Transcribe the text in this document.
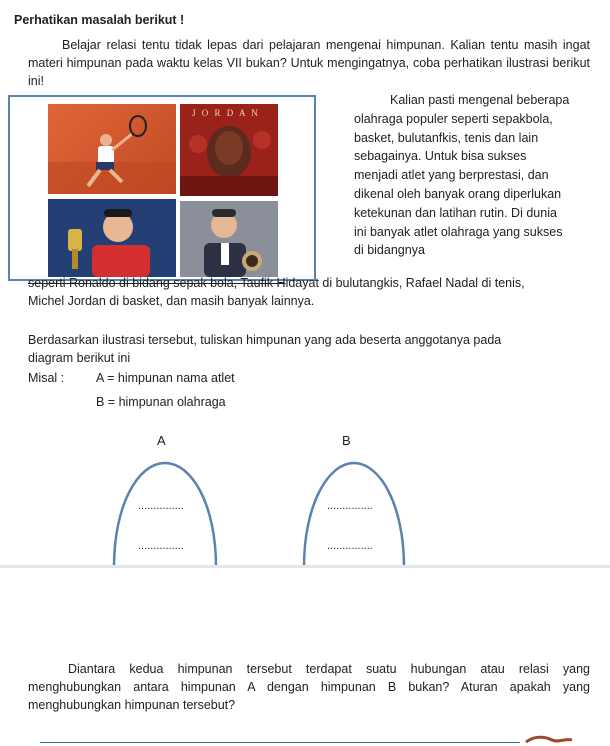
Perhatikan masalah berikut !
Belajar relasi tentu tidak lepas dari pelajaran mengenai himpunan. Kalian tentu masih ingat materi himpunan pada waktu kelas VII bukan? Untuk mengingatnya, coba perhatikan ilustrasi berikut ini!
J O R D A N
Kalian pasti mengenal beberapa
olahraga populer seperti sepakbola,
basket, bulutanfkis, tenis dan lain
sebagainya. Untuk bisa sukses
menjadi atlet yang berprestasi, dan
dikenal oleh banyak orang diperlukan
ketekunan dan latihan rutin. Di dunia
ini banyak atlet olahraga yang sukses
di bidangnya
seperti Ronaldo di bidang sepak bola, Taufik Hidayat di bulutangkis, Rafael Nadal di tenis,
Michel Jordan di basket, dan masih banyak lainnya.
Berdasarkan ilustrasi tersebut, tuliskan himpunan yang ada beserta anggotanya pada
diagram berikut ini
Misal :	A = himpunan nama atlet
B = himpunan olahraga
A	B
...............
...............
...............
...............
Diantara kedua himpunan tersebut terdapat suatu hubungan atau relasi yang menghubungkan antara himpunan A dengan himpunan B bukan? Aturan apakah yang menghubungkan himpunan tersebut?
